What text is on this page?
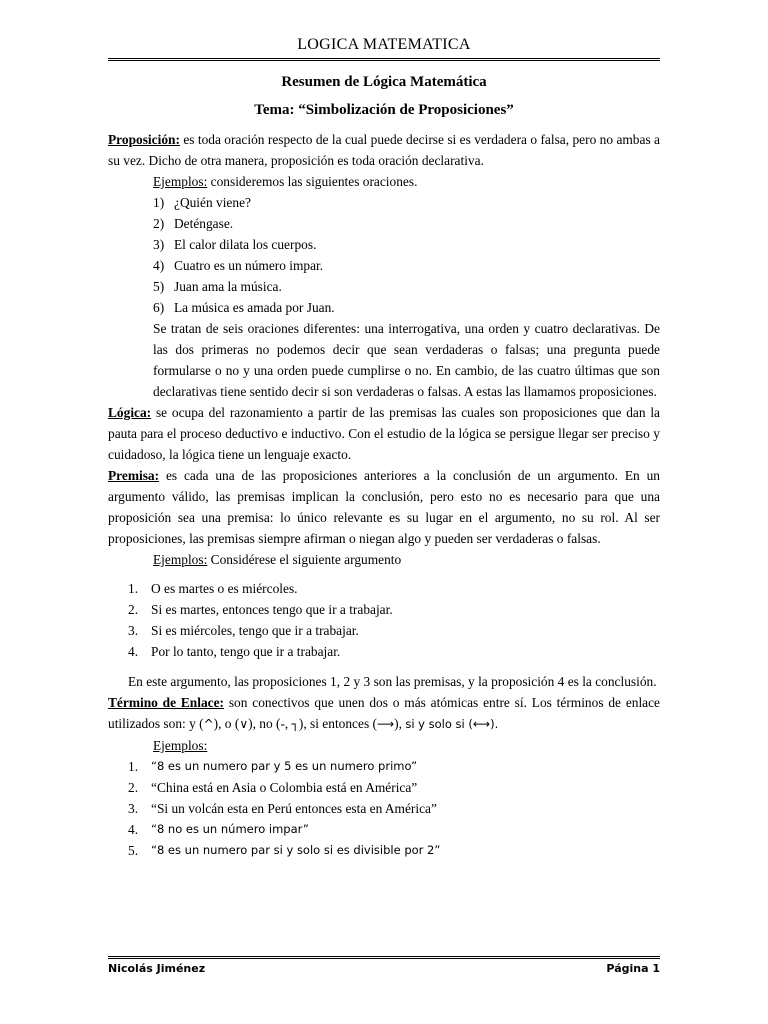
LOGICA MATEMATICA
Resumen de Lógica Matemática
Tema: “Simbolización de Proposiciones”

Proposición: es toda oración respecto de la cual puede decirse si es verdadera o falsa, pero no ambas a su vez. Dicho de otra manera, proposición es toda oración declarativa.

Ejemplos: consideremos las siguientes oraciones.

1) ¿Quién viene?
2) Deténgase.
3) El calor dilata los cuerpos.
4) Cuatro es un número impar.
5) Juan ama la música.
6) La música es amada por Juan.

Se tratan de seis oraciones diferentes: una interrogativa, una orden y cuatro declarativas. De las dos primeras no podemos decir que sean verdaderas o falsas; una pregunta puede formularse o no y una orden puede cumplirse o no. En cambio, de las cuatro últimas que son declarativas tiene sentido decir si son verdaderas o falsas. A estas las llamamos proposiciones.

Lógica: se ocupa del razonamiento a partir de las premisas las cuales son proposiciones que dan la pauta para el proceso deductivo e inductivo. Con el estudio de la lógica se persigue llegar ser preciso y cuidadoso, la lógica tiene un lenguaje exacto.

Premisa: es cada una de las proposiciones anteriores a la conclusión de un argumento. En un argumento válido, las premisas implican la conclusión, pero esto no es necesario para que una proposición sea una premisa: lo único relevante es su lugar en el argumento, no su rol. Al ser proposiciones, las premisas siempre afirman o niegan algo y pueden ser verdaderas o falsas.

Ejemplos: Considérese el siguiente argumento

1. O es martes o es miércoles.
2. Si es martes, entonces tengo que ir a trabajar.
3. Si es miércoles, tengo que ir a trabajar.
4. Por lo tanto, tengo que ir a trabajar.

En este argumento, las proposiciones 1, 2 y 3 son las premisas, y la proposición 4 es la conclusión.

Término de Enlace: son conectivos que unen dos o más atómicas entre sí. Los términos de enlace utilizados son: y (^), o (∨), no (-, ┐), si entonces (⟶), si y solo si (⟷).

Ejemplos:

1.	“8 es un numero par y 5 es un numero primo”
2. “China está en Asia o Colombia está en América”
3. “Si un volcán esta en Perú entonces esta en América”
4.	“8 no es un número impar”
5.	“8 es un numero par si y solo si es divisible por 2”
Nicolás Jiménez	Página 1
